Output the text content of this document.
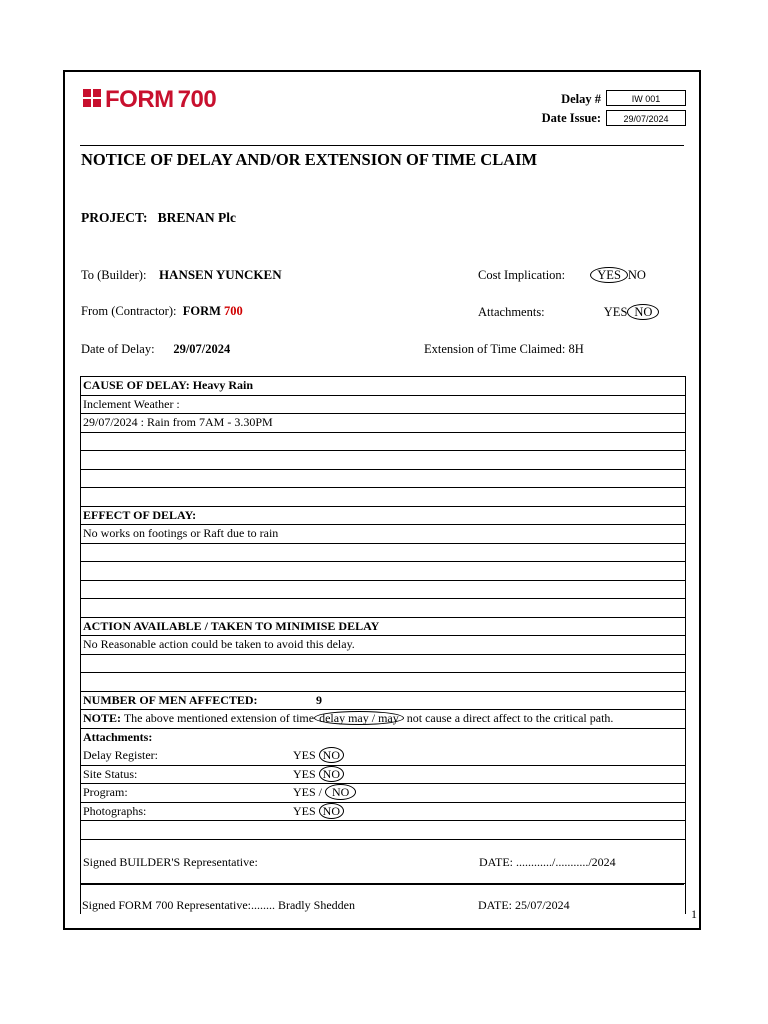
FORM 700	Delay #	IW 001
Date Issue:	29/07/2024
NOTICE OF DELAY AND/OR EXTENSION OF TIME CLAIM
PROJECT: BRENAN Plc
To (Builder): HANSEN YUNCKEN	Cost Implication:	YES NO
From (Contractor): FORM 700	Attachments:	YES NO
Date of Delay: 29/07/2024	Extension of Time Claimed: 8H
CAUSE OF DELAY: Heavy Rain
Inclement Weather :
29/07/2024 : Rain from 7AM - 3.30PM
EFFECT OF DELAY:
No works on footings or Raft due to rain
ACTION AVAILABLE / TAKEN TO MINIMISE DELAY
No Reasonable action could be taken to avoid this delay.
NUMBER OF MEN AFFECTED:	9
NOTE: The above mentioned extension of time delay may / may not cause a direct affect to the critical path.
Attachments:
Delay Register:	YES NO
Site Status:	YES NO
Program:	YES / NO
Photographs:	YES NO
Signed BUILDER'S Representative:	DATE: ............/.........../2024
Signed FORM 700 Representative:........ Bradly Shedden	DATE: 25/07/2024
1
